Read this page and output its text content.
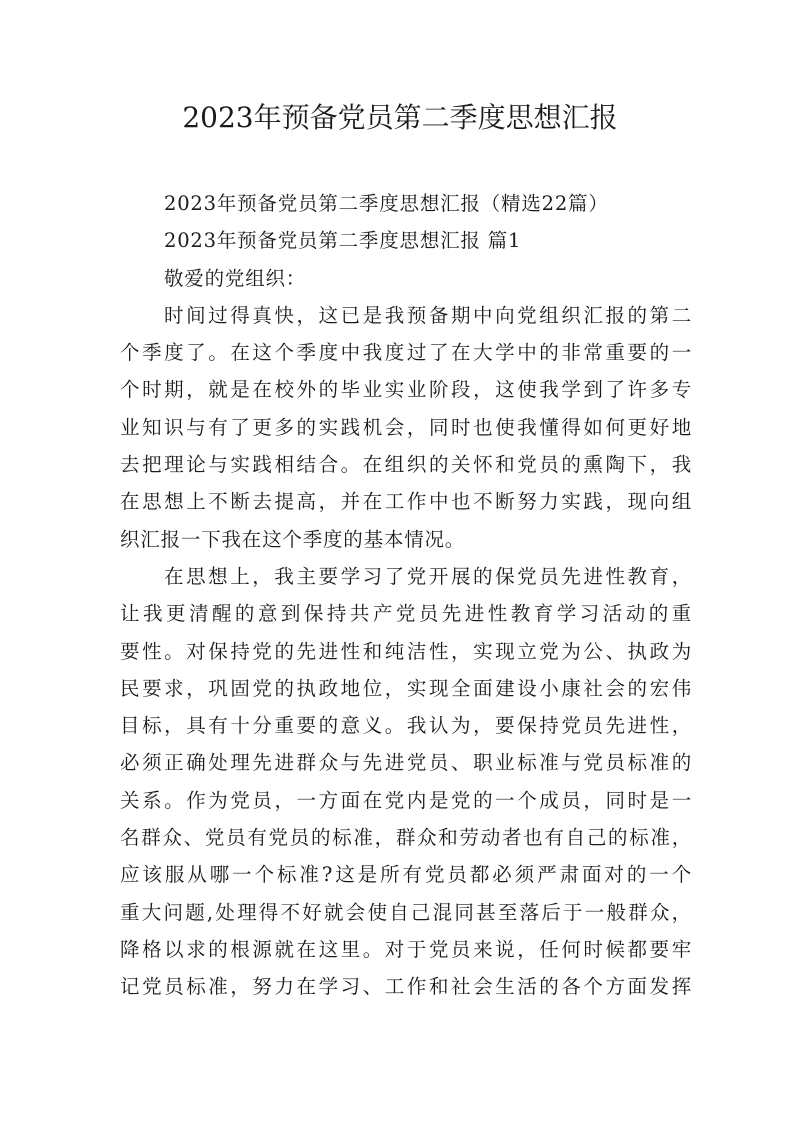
2023年预备党员第二季度思想汇报
2023年预备党员第二季度思想汇报（精选22篇）
2023年预备党员第二季度思想汇报 篇1
敬爱的党组织：
时间过得真快，这已是我预备期中向党组织汇报的第二
个季度了。在这个季度中我度过了在大学中的非常重要的一
个时期，就是在校外的毕业实业阶段，这使我学到了许多专
业知识与有了更多的实践机会，同时也使我懂得如何更好地
去把理论与实践相结合。在组织的关怀和党员的熏陶下，我
在思想上不断去提高，并在工作中也不断努力实践，现向组
织汇报一下我在这个季度的基本情况。
在思想上，我主要学习了党开展的保党员先进性教育，
让我更清醒的意到保持共产党员先进性教育学习活动的重
要性。对保持党的先进性和纯洁性，实现立党为公、执政为
民要求，巩固党的执政地位，实现全面建设小康社会的宏伟
目标，具有十分重要的意义。我认为，要保持党员先进性，
必须正确处理先进群众与先进党员、职业标准与党员标准的
关系。作为党员，一方面在党内是党的一个成员，同时是一
名群众、党员有党员的标准，群众和劳动者也有自己的标准，
应该服从哪一个标准?这是所有党员都必须严肃面对的一个
重大问题,处理得不好就会使自己混同甚至落后于一般群众，
降格以求的根源就在这里。对于党员来说，任何时候都要牢
记党员标准，努力在学习、工作和社会生活的各个方面发挥
